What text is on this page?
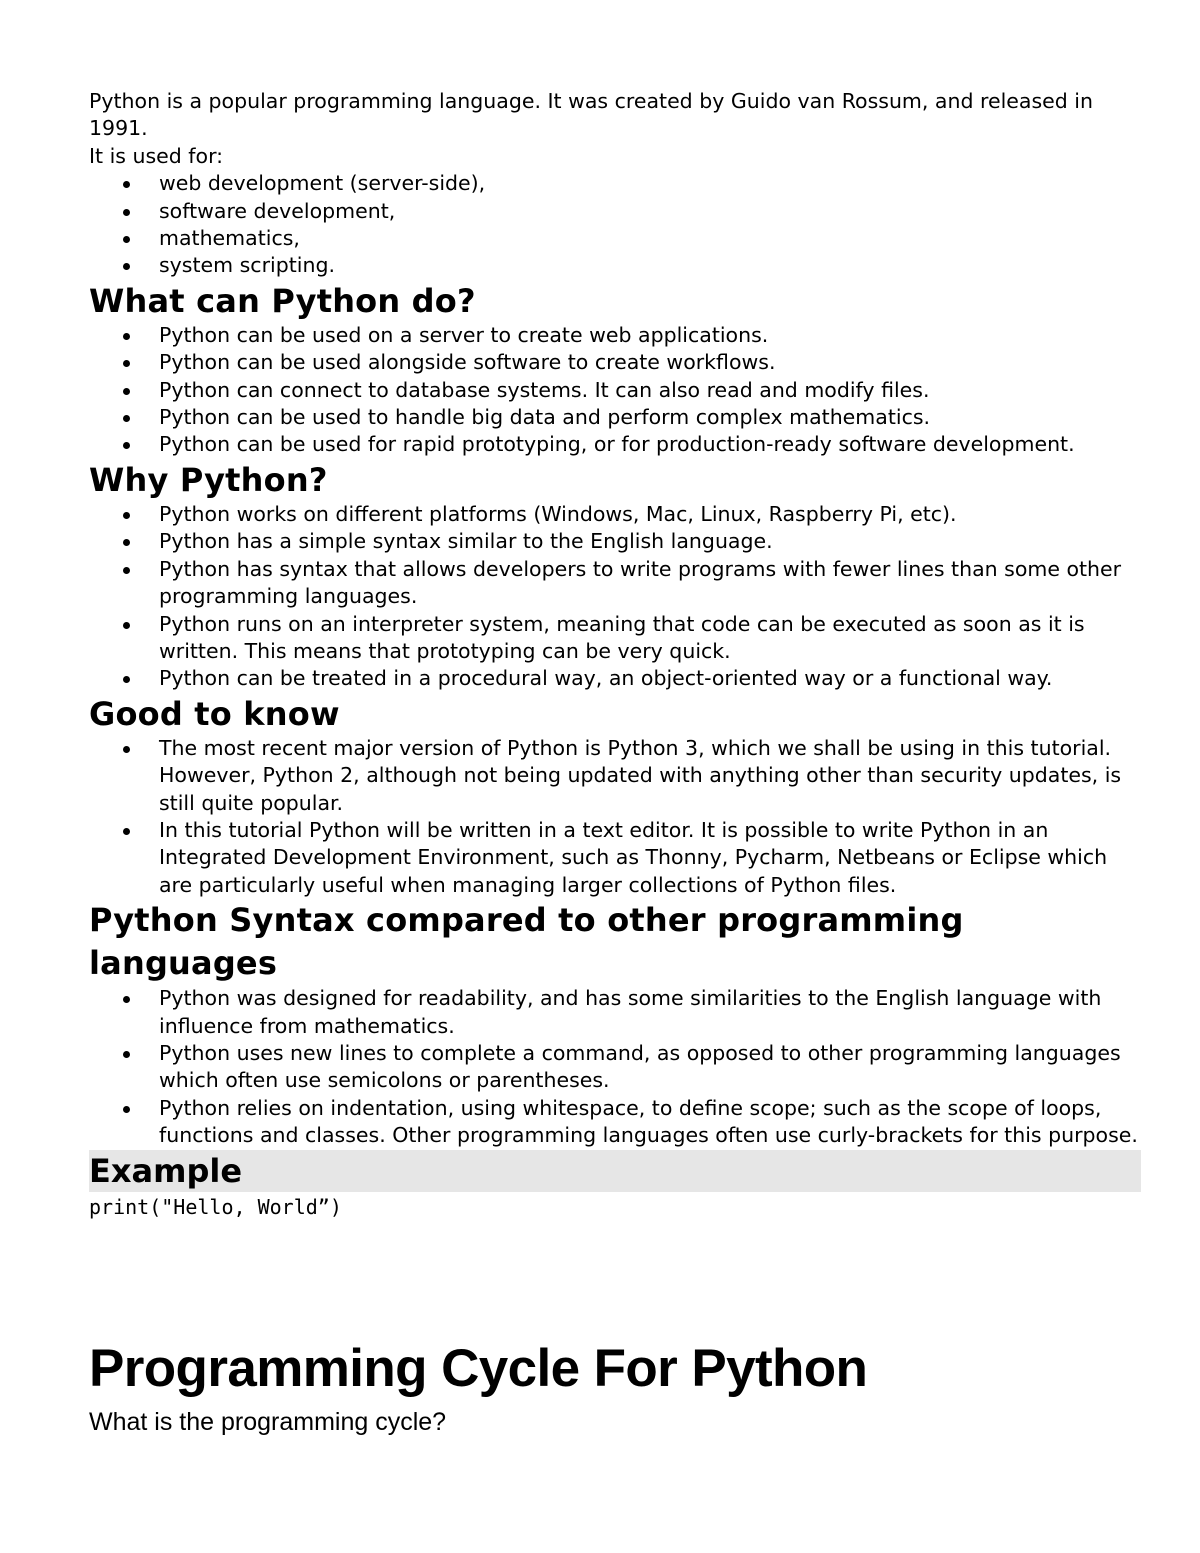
Python is a popular programming language. It was created by Guido van Rossum, and released in 1991.

It is used for:

web development (server-side),
software development,
mathematics,
system scripting.
What can Python do?
Python can be used on a server to create web applications.
Python can be used alongside software to create workflows.
Python can connect to database systems. It can also read and modify files.
Python can be used to handle big data and perform complex mathematics.
Python can be used for rapid prototyping, or for production-ready software development.
Why Python?
Python works on different platforms (Windows, Mac, Linux, Raspberry Pi, etc).
Python has a simple syntax similar to the English language.
Python has syntax that allows developers to write programs with fewer lines than some other programming languages.
Python runs on an interpreter system, meaning that code can be executed as soon as it is written. This means that prototyping can be very quick.
Python can be treated in a procedural way, an object-oriented way or a functional way.
Good to know
The most recent major version of Python is Python 3, which we shall be using in this tutorial. However, Python 2, although not being updated with anything other than security updates, is still quite popular.
In this tutorial Python will be written in a text editor. It is possible to write Python in an Integrated Development Environment, such as Thonny, Pycharm, Netbeans or Eclipse which are particularly useful when managing larger collections of Python files.
Python Syntax compared to other programming languages
Python was designed for readability, and has some similarities to the English language with influence from mathematics.
Python uses new lines to complete a command, as opposed to other programming languages which often use semicolons or parentheses.
Python relies on indentation, using whitespace, to define scope; such as the scope of loops, functions and classes. Other programming languages often use curly-brackets for this purpose.
Example

print("Hello, World”)

Programming Cycle For Python

What is the programming cycle?
